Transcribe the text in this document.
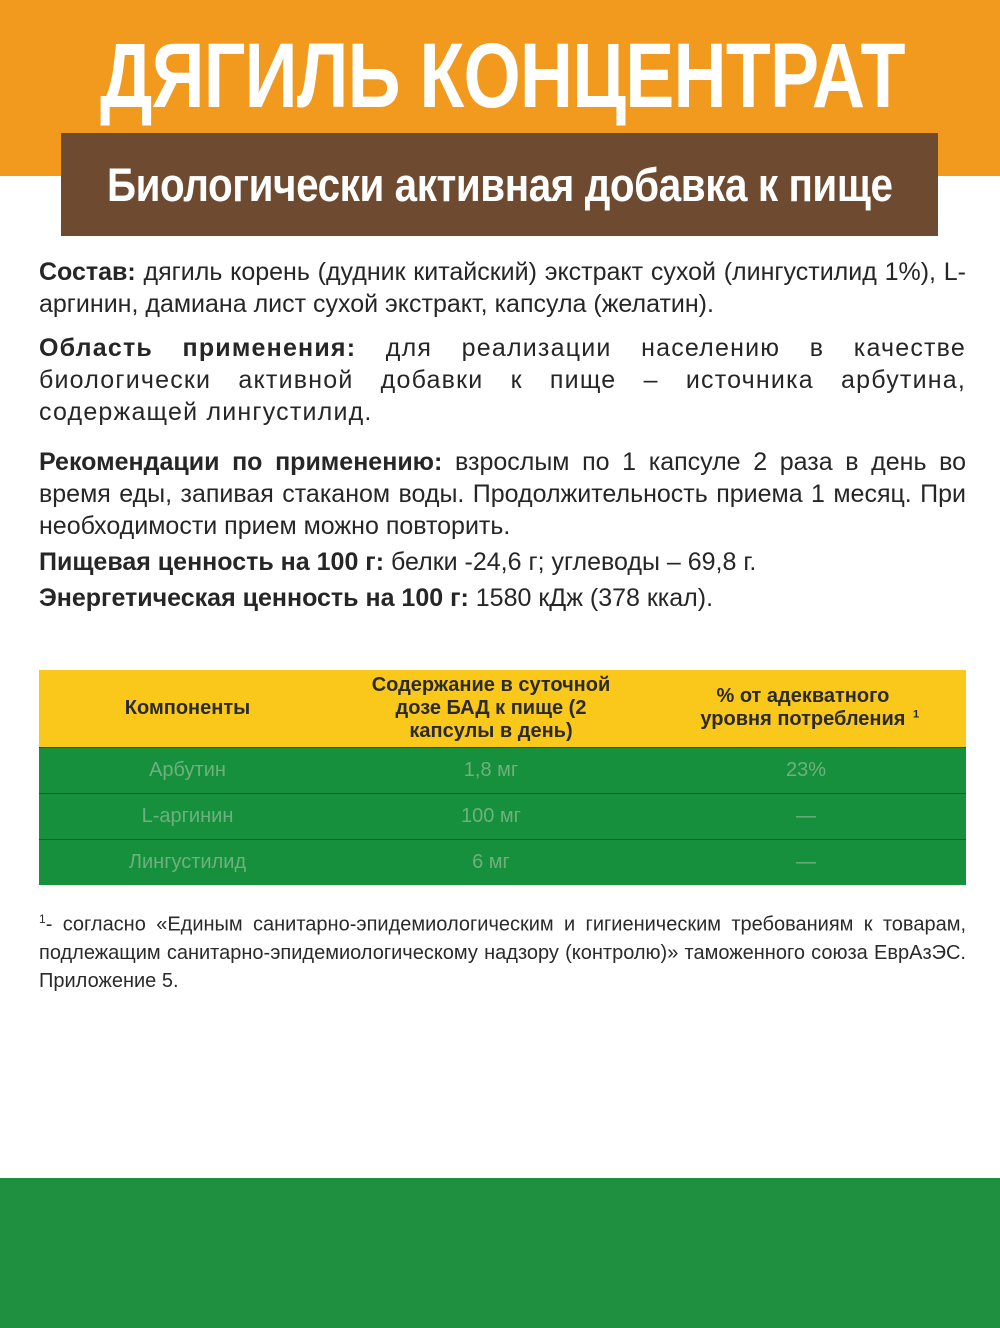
ДЯГИЛЬ КОНЦЕНТРАТ
Биологически активная добавка к пище

Состав: дягиль корень (дудник китайский) экстракт сухой (лингустилид 1%), L-аргинин, дамиана лист сухой экстракт, капсула (желатин).

Область применения: для реализации населению в качестве биологически активной добавки к пище – источника арбутина, содержащей лингустилид.

Рекомендации по применению: взрослым по 1 капсуле 2 раза в день во время еды, запивая стаканом воды. Продолжительность приема 1 месяц. При необходимости прием можно повторить.

Пищевая ценность на 100 г: белки -24,6 г; углеводы – 69,8 г.

Энергетическая ценность на 100 г: 1580 кДж (378 ккал).

Компоненты	Содержание в суточной дозе БАД к пище (2 капсулы в день)	% от адекватного уровня потребления $^1$
Арбутин	1,8 мг	23%
L-аргинин	100 мг	—
Лингустилид	6 мг	—
$^1$- согласно «Единым санитарно-эпидемиологическим и гигиеническим требованиям к товарам, подлежащим санитарно-эпидемиологическому надзору (контролю)» таможенного союза ЕврАзЭС. Приложение 5.
